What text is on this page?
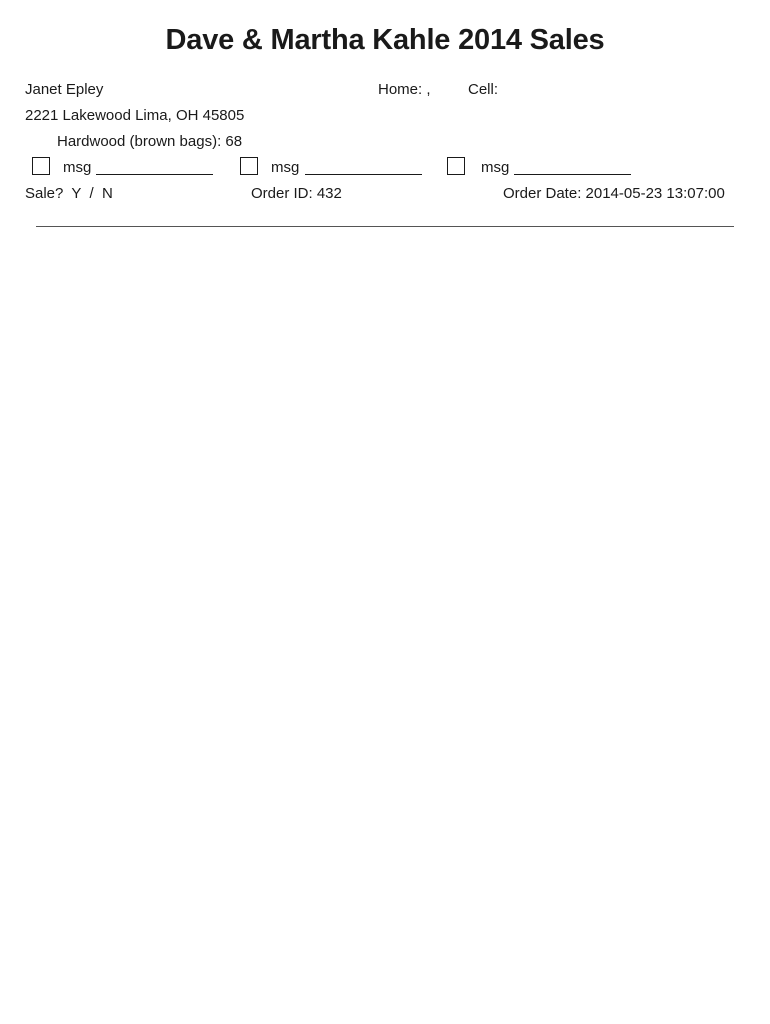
Dave & Martha Kahle 2014 Sales
Janet Epley	Home: , Cell:
2221 Lakewood Lima, OH 45805
Hardwood (brown bags): 68
msg	msg	msg
Sale?  Y  /  N	Order ID: 432	Order Date: 2014-05-23 13:07:00
